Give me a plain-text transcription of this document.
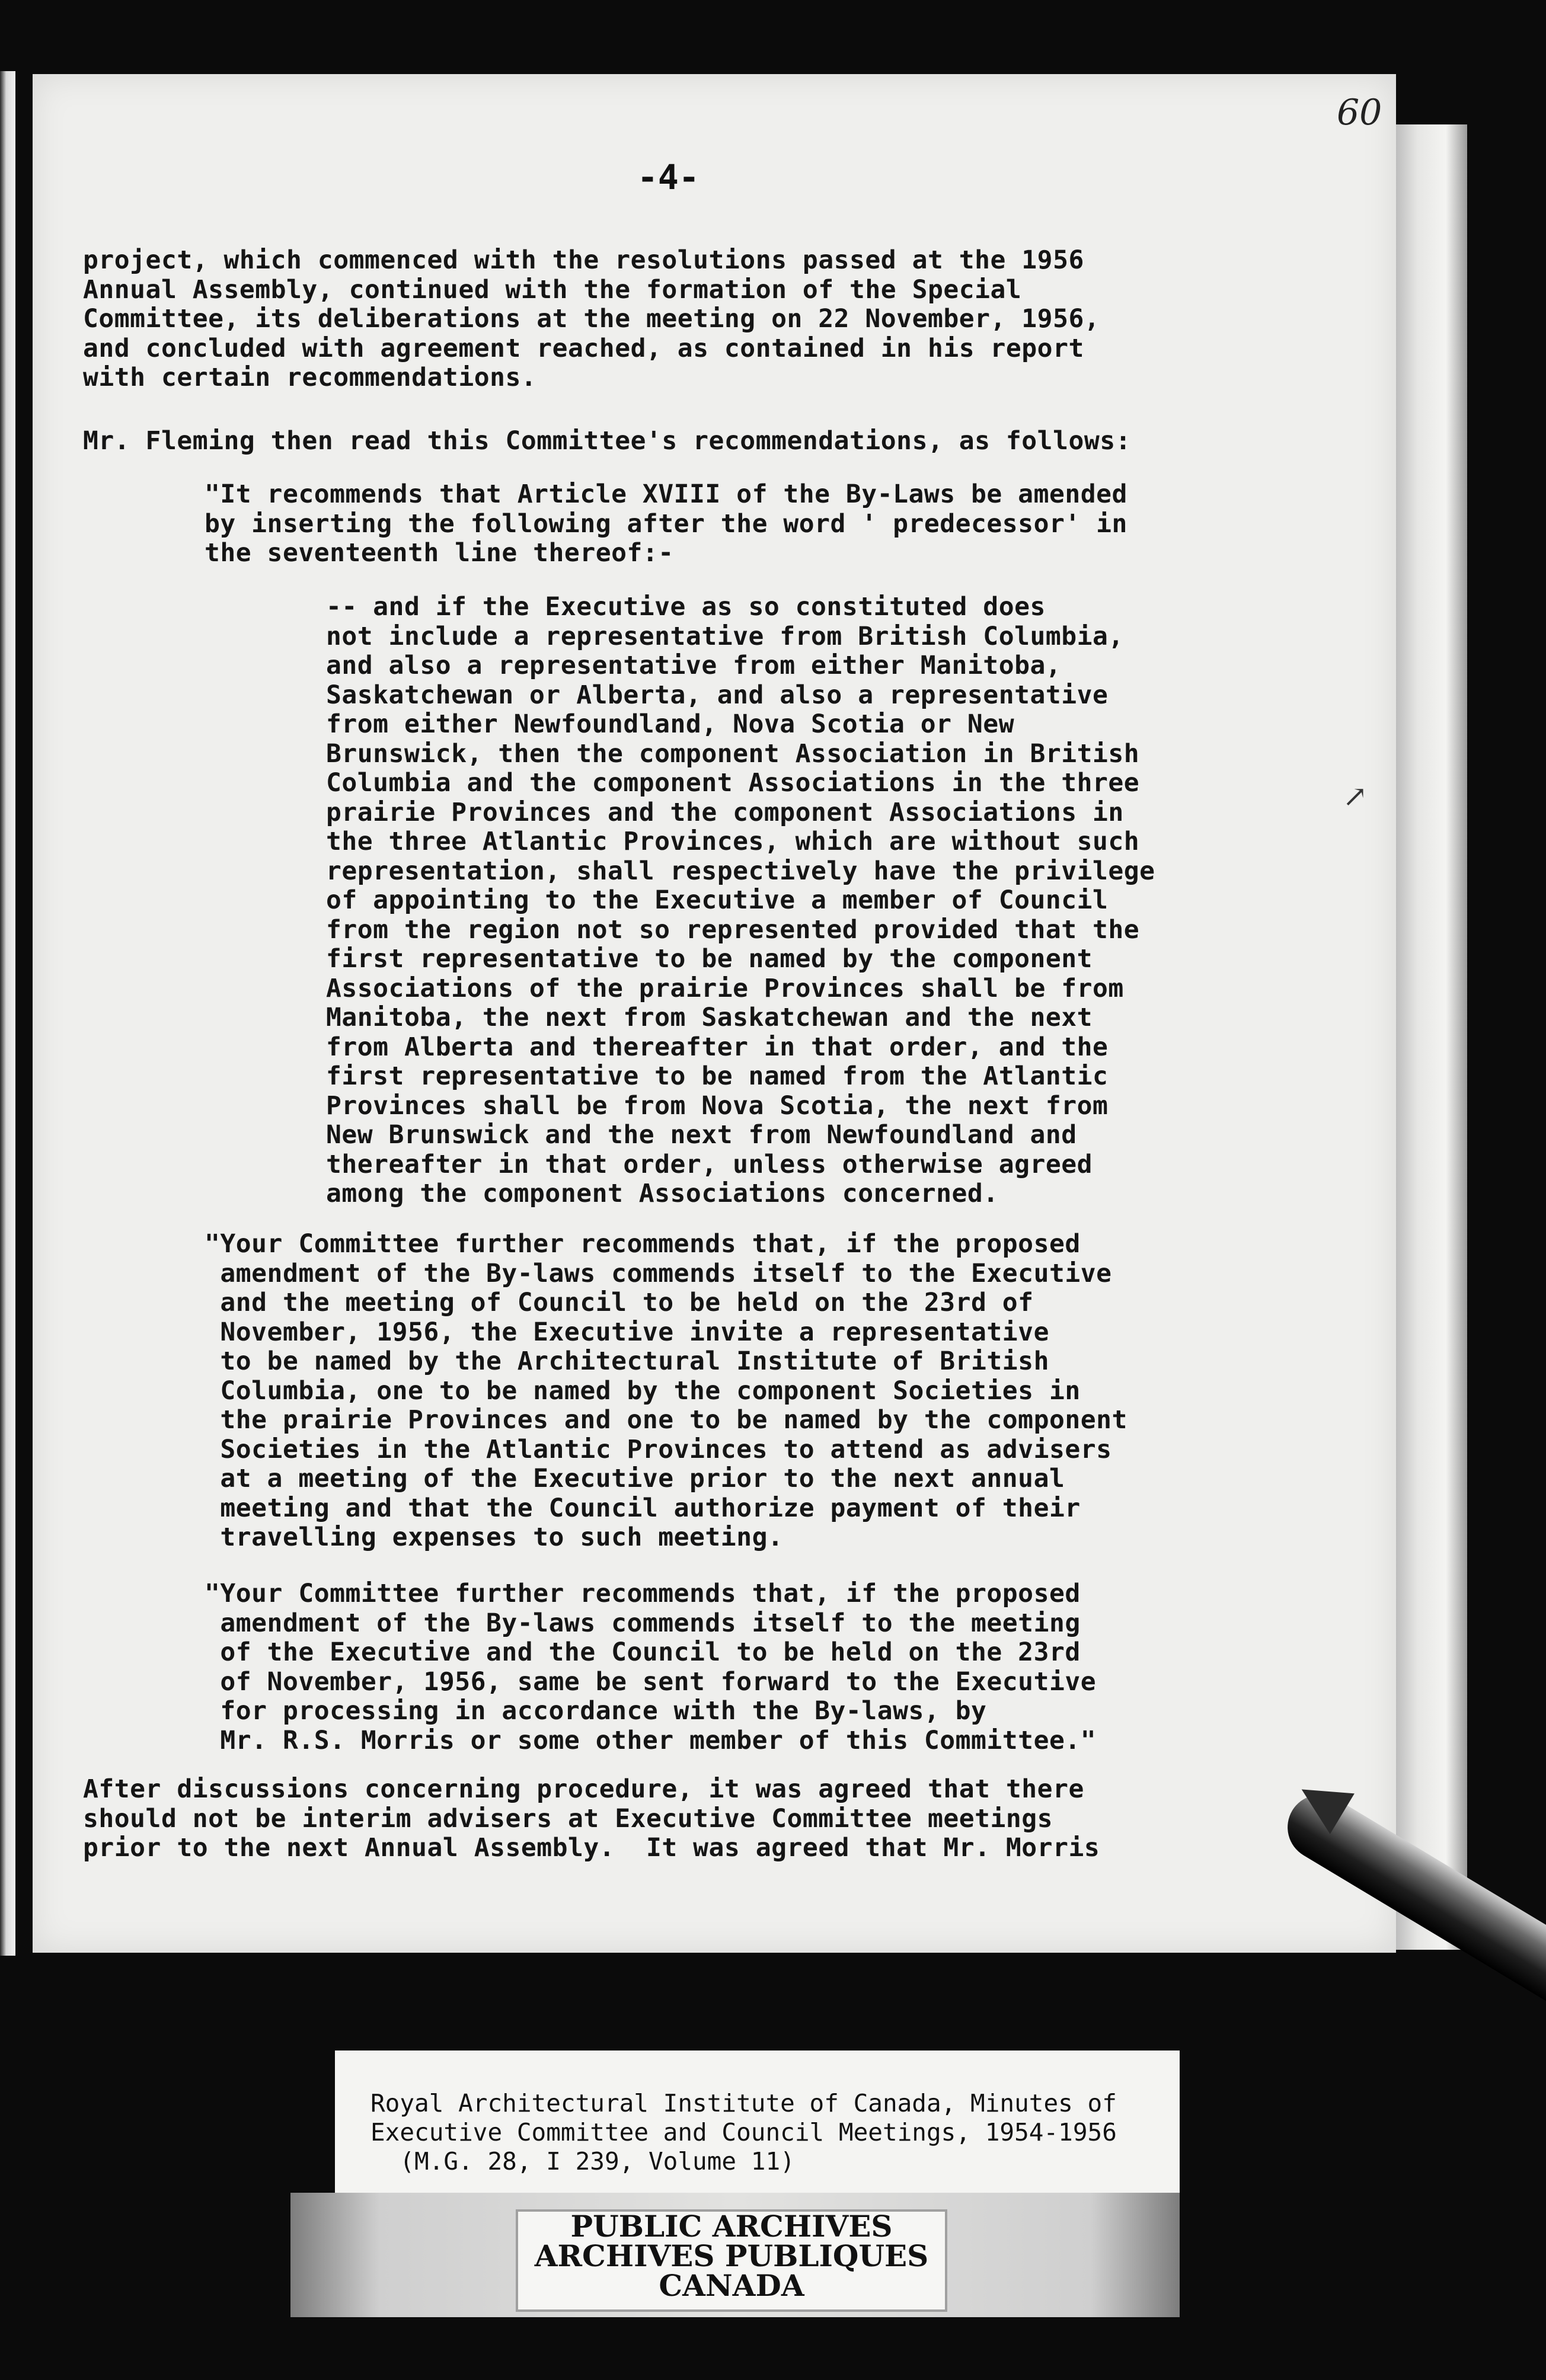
60
-4-
project, which commenced with the resolutions passed at the 1956
Annual Assembly, continued with the formation of the Special
Committee, its deliberations at the meeting on 22 November, 1956,
and concluded with agreement reached, as contained in his report
with certain recommendations.
Mr. Fleming then read this Committee's recommendations, as follows:
"It recommends that Article XVIII of the By-Laws be amended
by inserting the following after the word ' predecessor' in
the seventeenth line thereof:-
-- and if the Executive as so constituted does
not include a representative from British Columbia,
and also a representative from either Manitoba,
Saskatchewan or Alberta, and also a representative
from either Newfoundland, Nova Scotia or New
Brunswick, then the component Association in British
Columbia and the component Associations in the three
prairie Provinces and the component Associations in
the three Atlantic Provinces, which are without such
representation, shall respectively have the privilege
of appointing to the Executive a member of Council
from the region not so represented provided that the
first representative to be named by the component
Associations of the prairie Provinces shall be from
Manitoba, the next from Saskatchewan and the next
from Alberta and thereafter in that order, and the
first representative to be named from the Atlantic
Provinces shall be from Nova Scotia, the next from
New Brunswick and the next from Newfoundland and
thereafter in that order, unless otherwise agreed
among the component Associations concerned.
"Your Committee further recommends that, if the proposed
amendment of the By-laws commends itself to the Executive
and the meeting of Council to be held on the 23rd of
November, 1956, the Executive invite a representative
to be named by the Architectural Institute of British
Columbia, one to be named by the component Societies in
the prairie Provinces and one to be named by the component
Societies in the Atlantic Provinces to attend as advisers
at a meeting of the Executive prior to the next annual
meeting and that the Council authorize payment of their
travelling expenses to such meeting.
"Your Committee further recommends that, if the proposed
amendment of the By-laws commends itself to the meeting
of the Executive and the Council to be held on the 23rd
of November, 1956, same be sent forward to the Executive
for processing in accordance with the By-laws, by
Mr. R.S. Morris or some other member of this Committee."
After discussions concerning procedure, it was agreed that there
should not be interim advisers at Executive Committee meetings
prior to the next Annual Assembly.  It was agreed that Mr. Morris
↗
Royal Architectural Institute of Canada, Minutes of
Executive Committee and Council Meetings, 1954-1956
(M.G. 28, I 239, Volume 11)
PUBLIC ARCHIVES
ARCHIVES PUBLIQUES
CANADA
